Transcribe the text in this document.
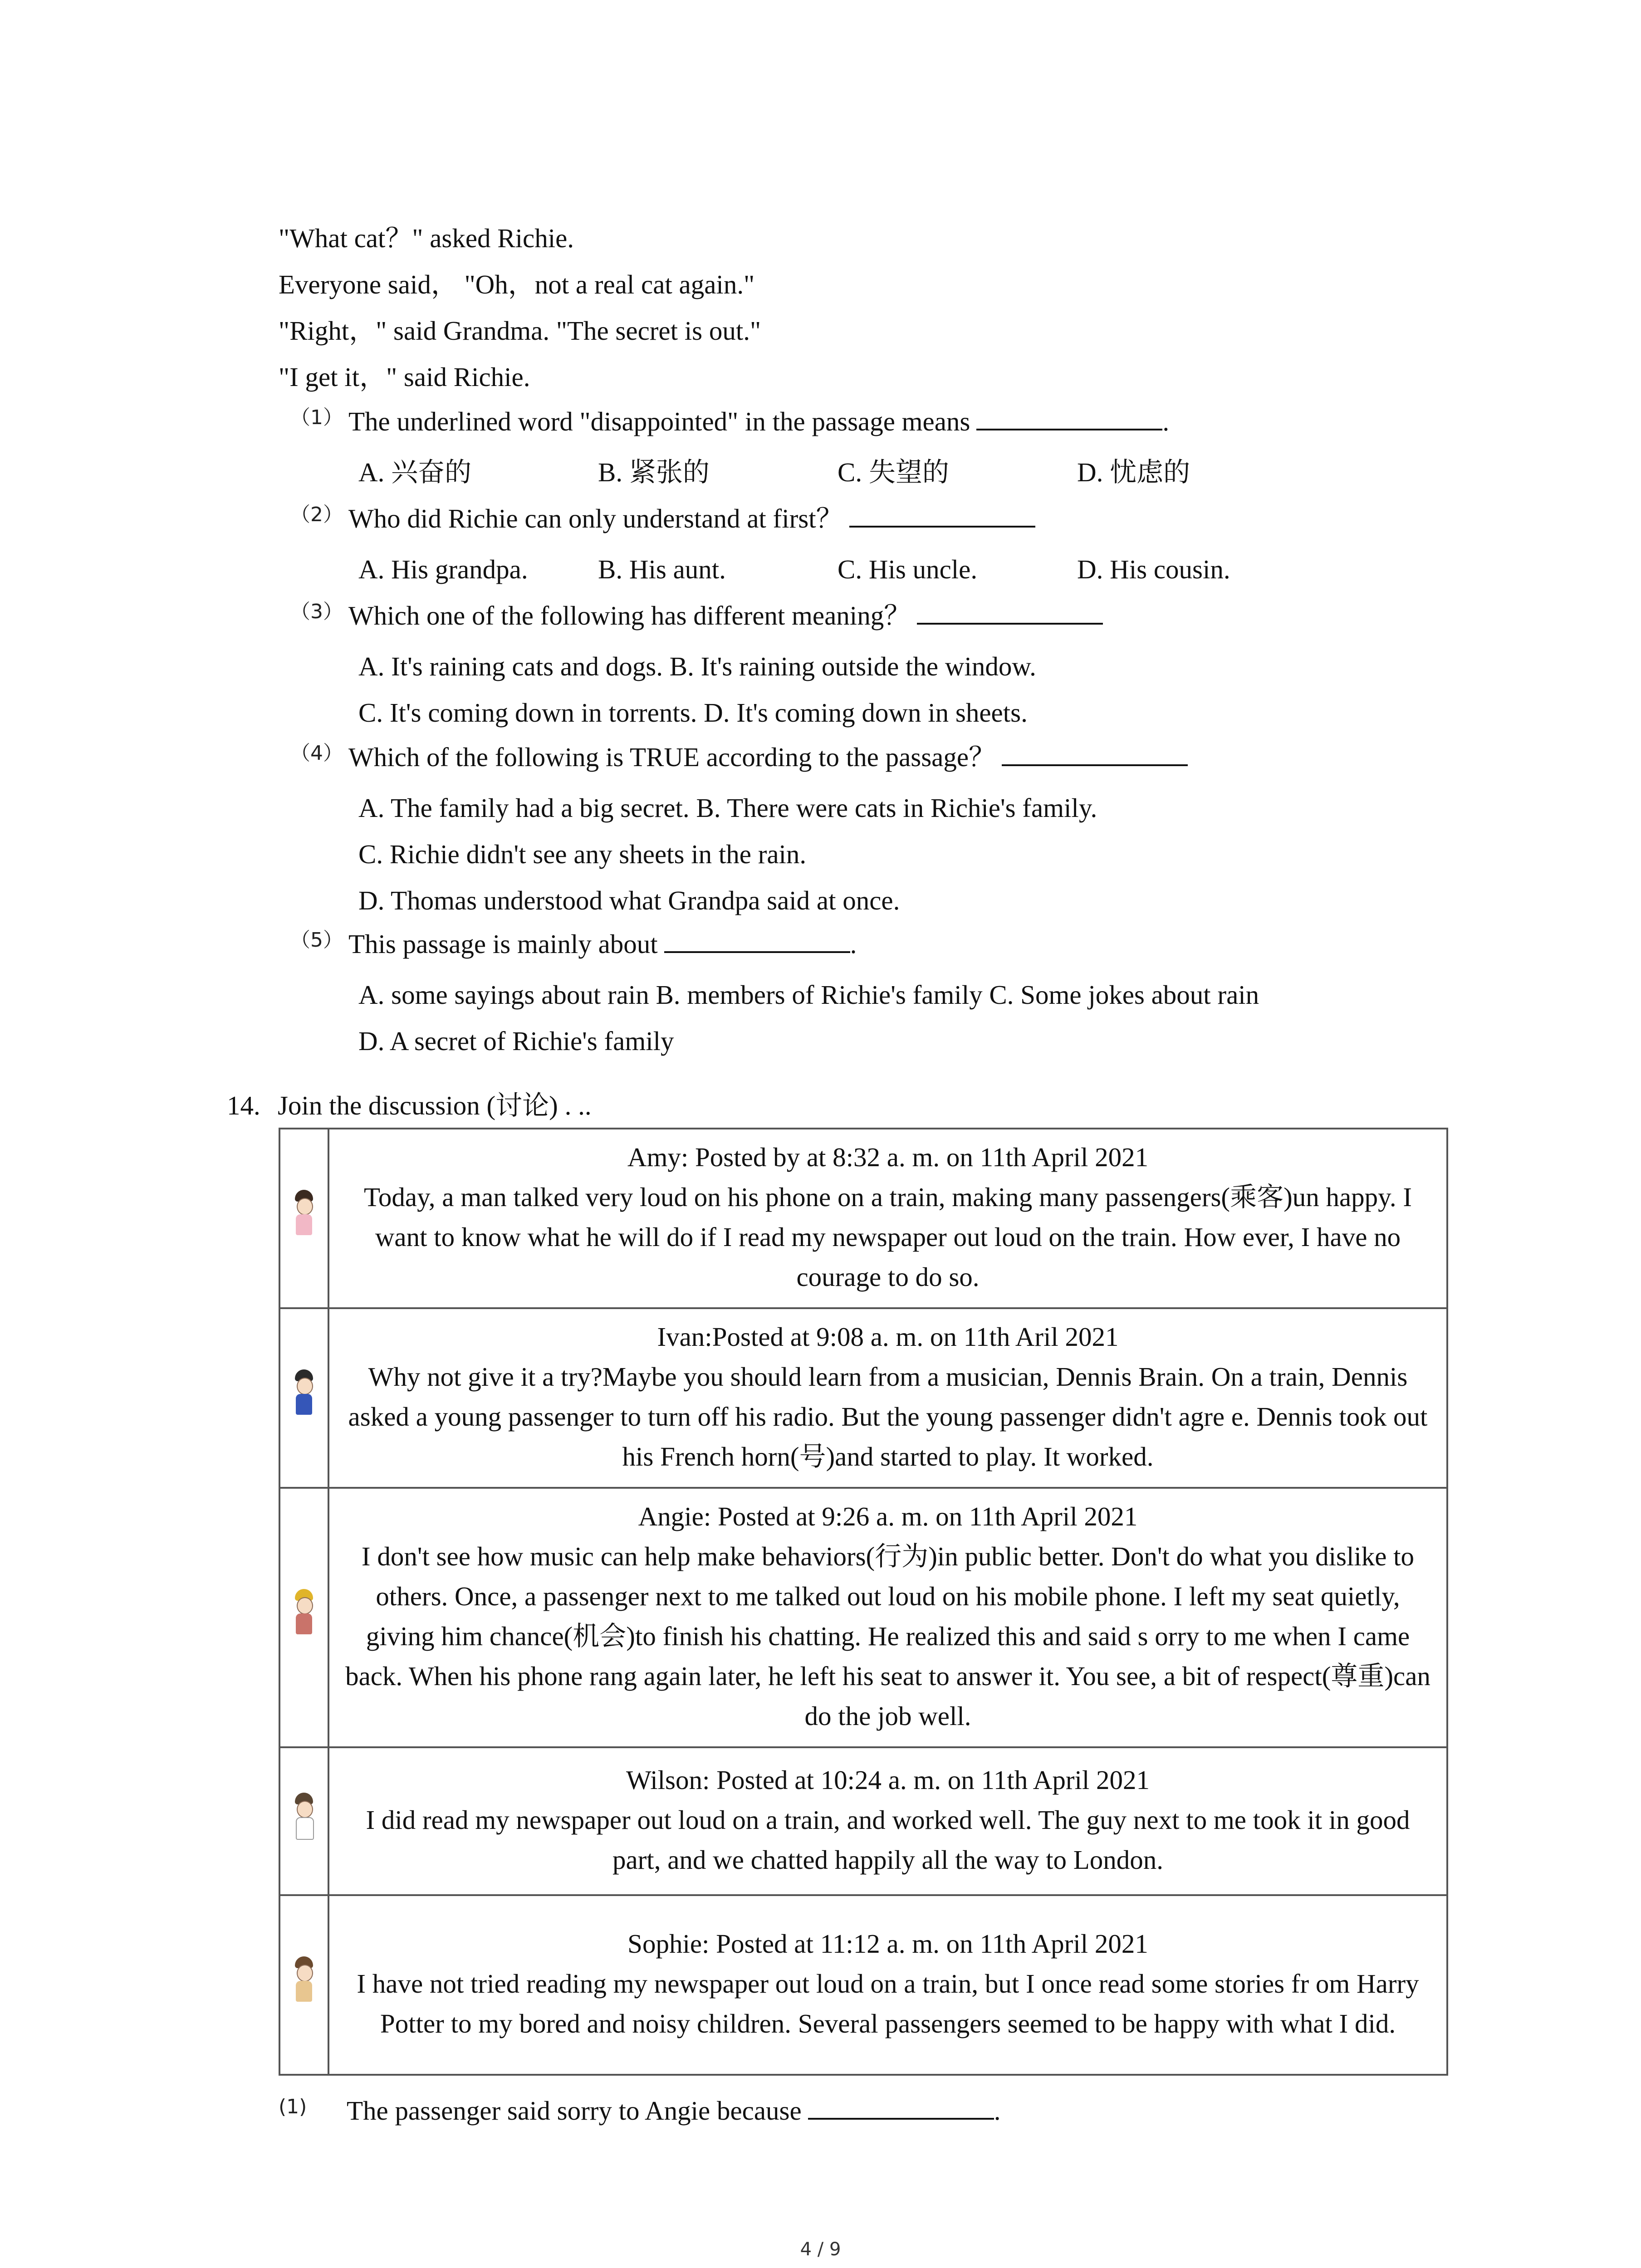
"What cat？" asked Richie.

Everyone said， "Oh，not a real cat again."

"Right，" said Grandma. "The secret is out."

"I get it，" said Richie.

（1） The underlined word "disappointed" in the passage means	.
A. 兴奋的	B. 紧张的	C. 失望的	D. 忧虑的
（2） Who did Richie can only understand at first？
A. His grandpa.	B. His aunt.	C. His uncle.	D. His cousin.
（3） Which one of the following has different meaning？
A. It's raining cats and dogs. B. It's raining outside the window.
C. It's coming down in torrents. D. It's coming down in sheets.
（4） Which of the following is TRUE according to the passage？
A. The family had a big secret. B. There were cats in Richie's family.
C. Richie didn't see any sheets in the rain.
D. Thomas understood what Grandpa said at once.
（5） This passage is mainly about	.
A. some sayings about rain B. members of Richie's family C. Some jokes about rain
D. A secret of Richie's family
14. Join the discussion (讨论) . ..

	Amy: Posted by at 8:32 a. m. on 11th April 2021
Today, a man talked very loud on his phone on a train, making many passengers(乘客)un happy. I want to know what he will do if I read my newspaper out loud on the train. How ever, I have no courage to do so.

	Ivan:Posted at 9:08 a. m. on 11th Aril 2021
Why not give it a try?Maybe you should learn from a musician, Dennis Brain. On a train, Dennis asked a young passenger to turn off his radio. But the young passenger didn't agre e. Dennis took out his French horn(号)and started to play. It worked.

	Angie: Posted at 9:26 a. m. on 11th April 2021
I don't see how music can help make behaviors(行为)in public better. Don't do what you dislike to others. Once, a passenger next to me talked out loud on his mobile phone. I left my seat quietly, giving him chance(机会)to finish his chatting. He realized this and said s orry to me when I came back. When his phone rang again later, he left his seat to answer it. You see, a bit of respect(尊重)can do the job well.

	Wilson: Posted at 10:24 a. m. on 11th April 2021
I did read my newspaper out loud on a train, and worked well. The guy next to me took it in good part, and we chatted happily all the way to London.

	Sophie: Posted at 11:12 a. m. on 11th April 2021
I have not tried reading my newspaper out loud on a train, but I once read some stories fr om Harry Potter to my bored and noisy children. Several passengers seemed to be happy with what I did.
(1) The passenger said sorry to Angie because	.
4 / 9
